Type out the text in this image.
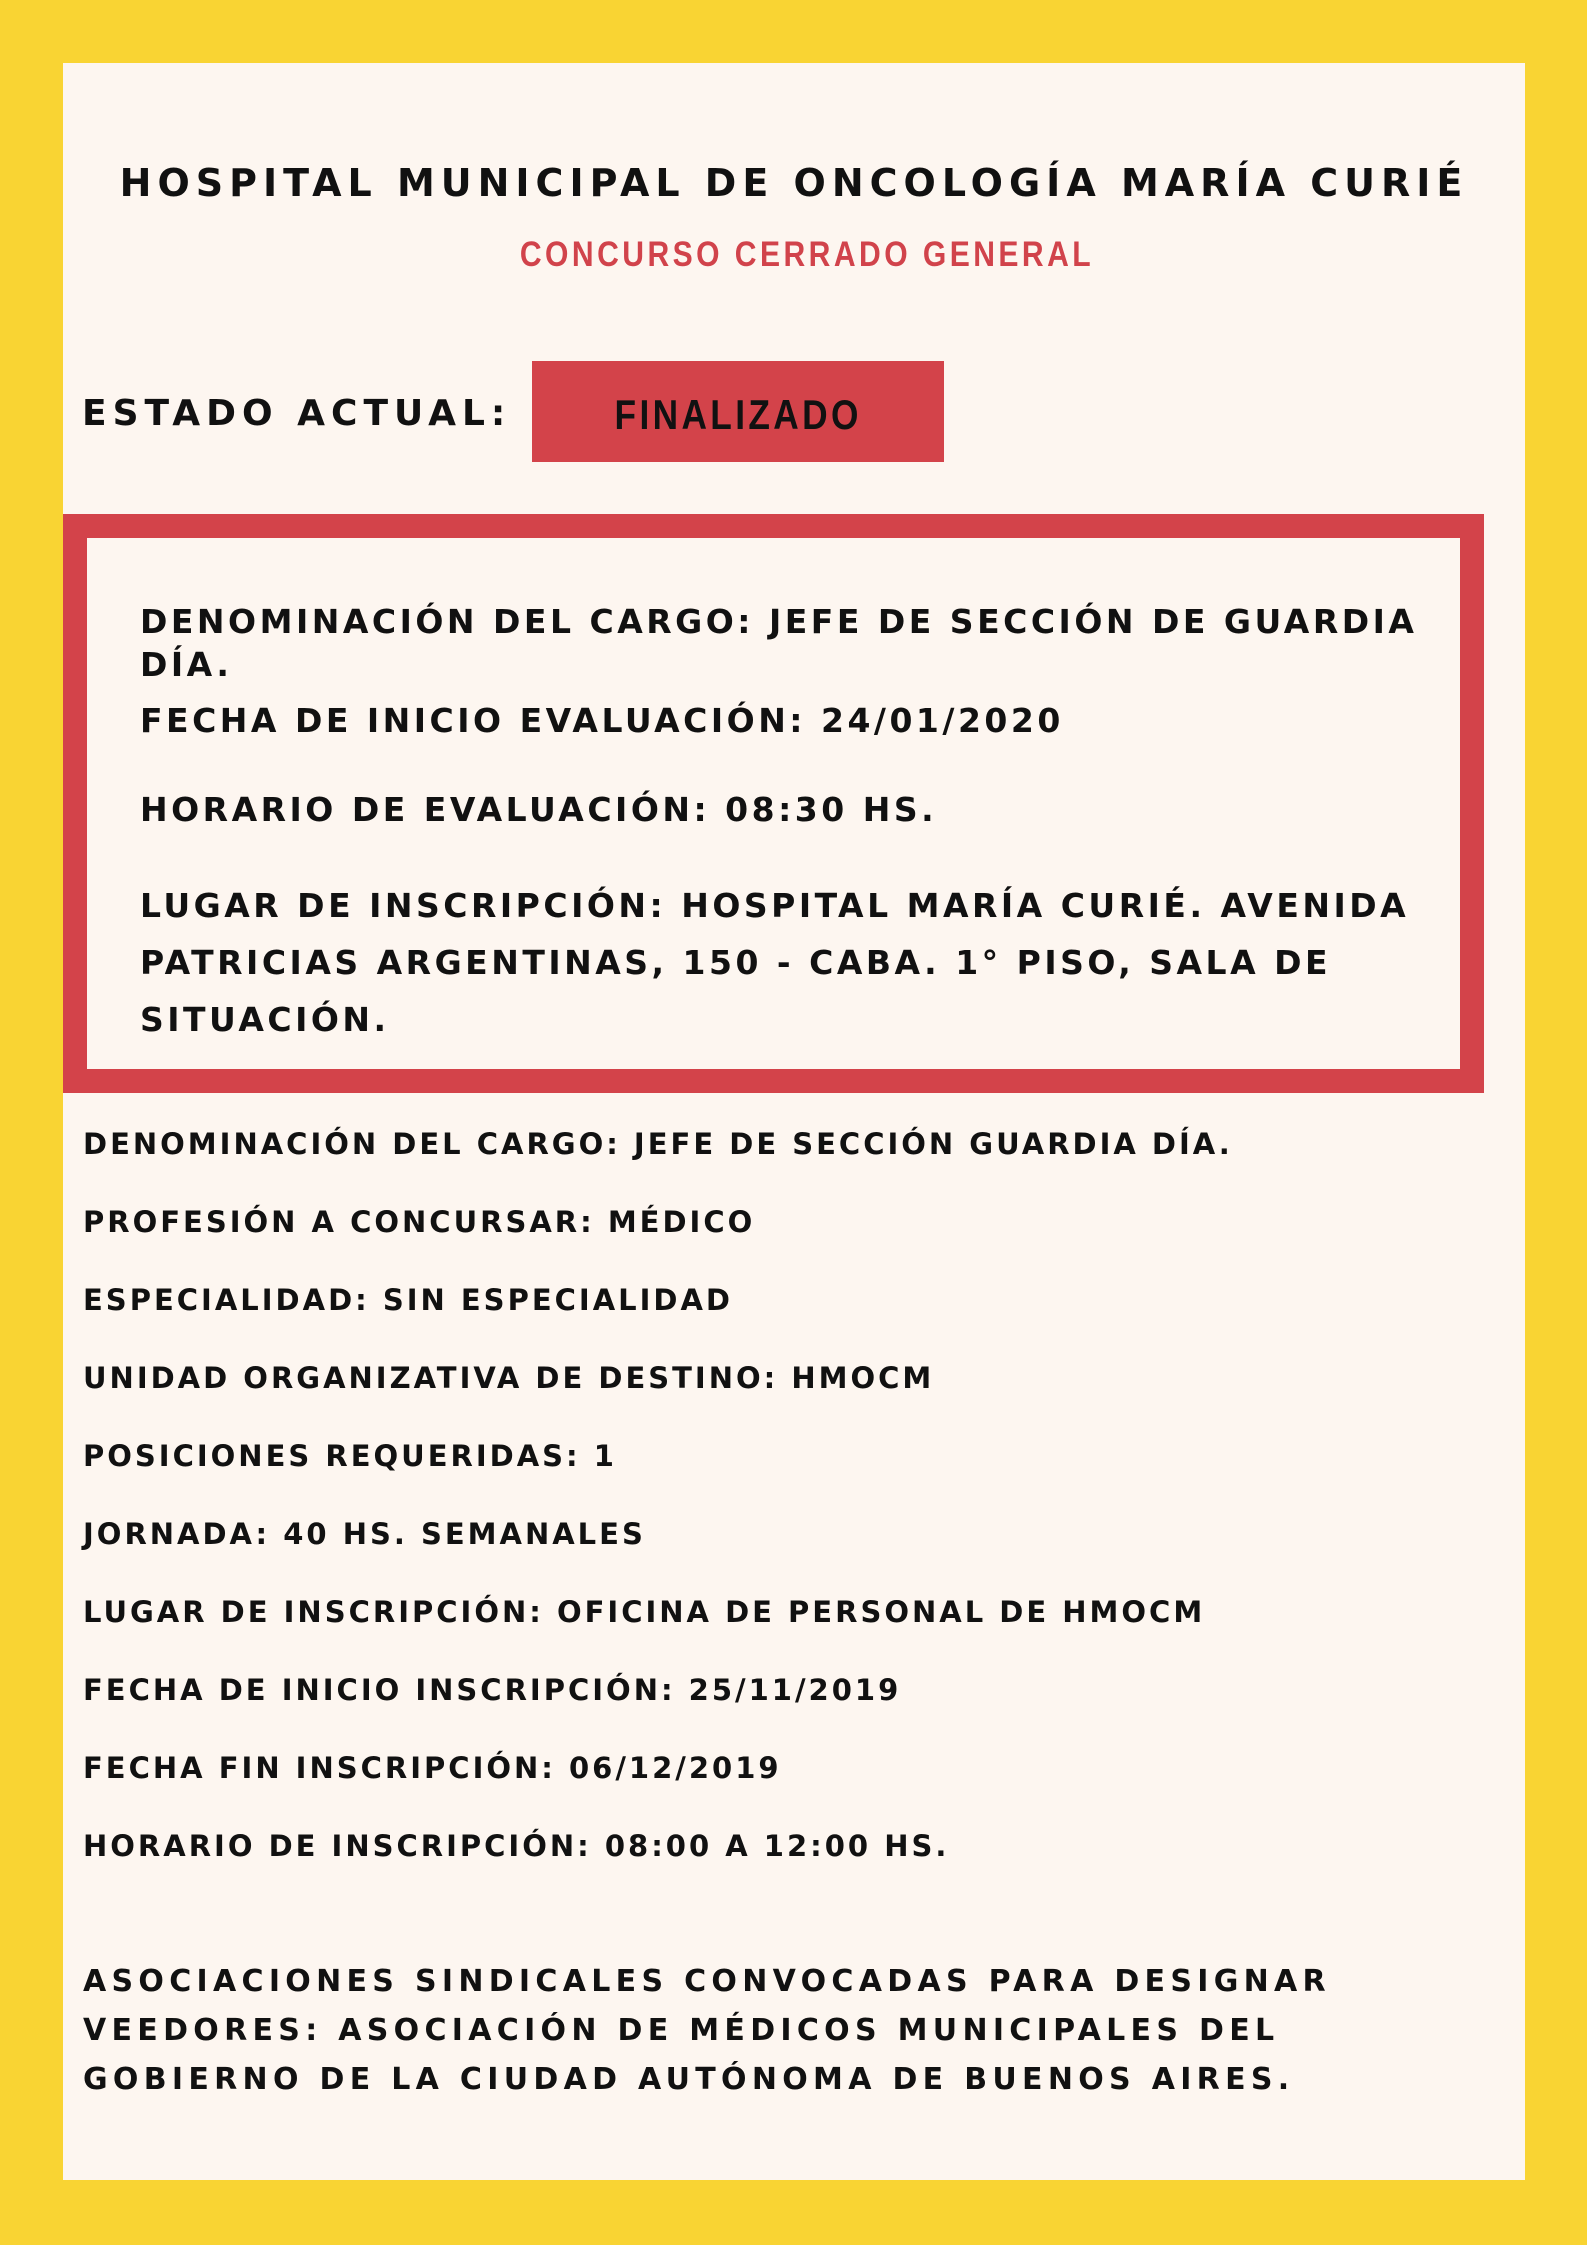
HOSPITAL MUNICIPAL DE ONCOLOGÍA MARÍA CURIÉ
CONCURSO CERRADO GENERAL
ESTADO ACTUAL: FINALIZADO
DENOMINACIÓN DEL CARGO: JEFE DE SECCIÓN DE GUARDIA DÍA.
FECHA DE INICIO EVALUACIÓN: 24/01/2020
HORARIO DE EVALUACIÓN: 08:30 HS.
LUGAR DE INSCRIPCIÓN: HOSPITAL MARÍA CURIÉ. AVENIDA PATRICIAS ARGENTINAS, 150 - CABA. 1° PISO, SALA DE SITUACIÓN.
DENOMINACIÓN DEL CARGO: JEFE DE SECCIÓN GUARDIA DÍA.
PROFESIÓN A CONCURSAR: MÉDICO
ESPECIALIDAD: SIN ESPECIALIDAD
UNIDAD ORGANIZATIVA DE DESTINO: HMOCM
POSICIONES REQUERIDAS: 1
JORNADA: 40 HS. SEMANALES
LUGAR DE INSCRIPCIÓN: OFICINA DE PERSONAL DE HMOCM
FECHA DE INICIO INSCRIPCIÓN: 25/11/2019
FECHA FIN INSCRIPCIÓN: 06/12/2019
HORARIO DE INSCRIPCIÓN: 08:00 A 12:00 HS.
ASOCIACIONES SINDICALES CONVOCADAS PARA DESIGNAR VEEDORES: ASOCIACIÓN DE MÉDICOS MUNICIPALES DEL GOBIERNO DE LA CIUDAD AUTÓNOMA DE BUENOS AIRES.
